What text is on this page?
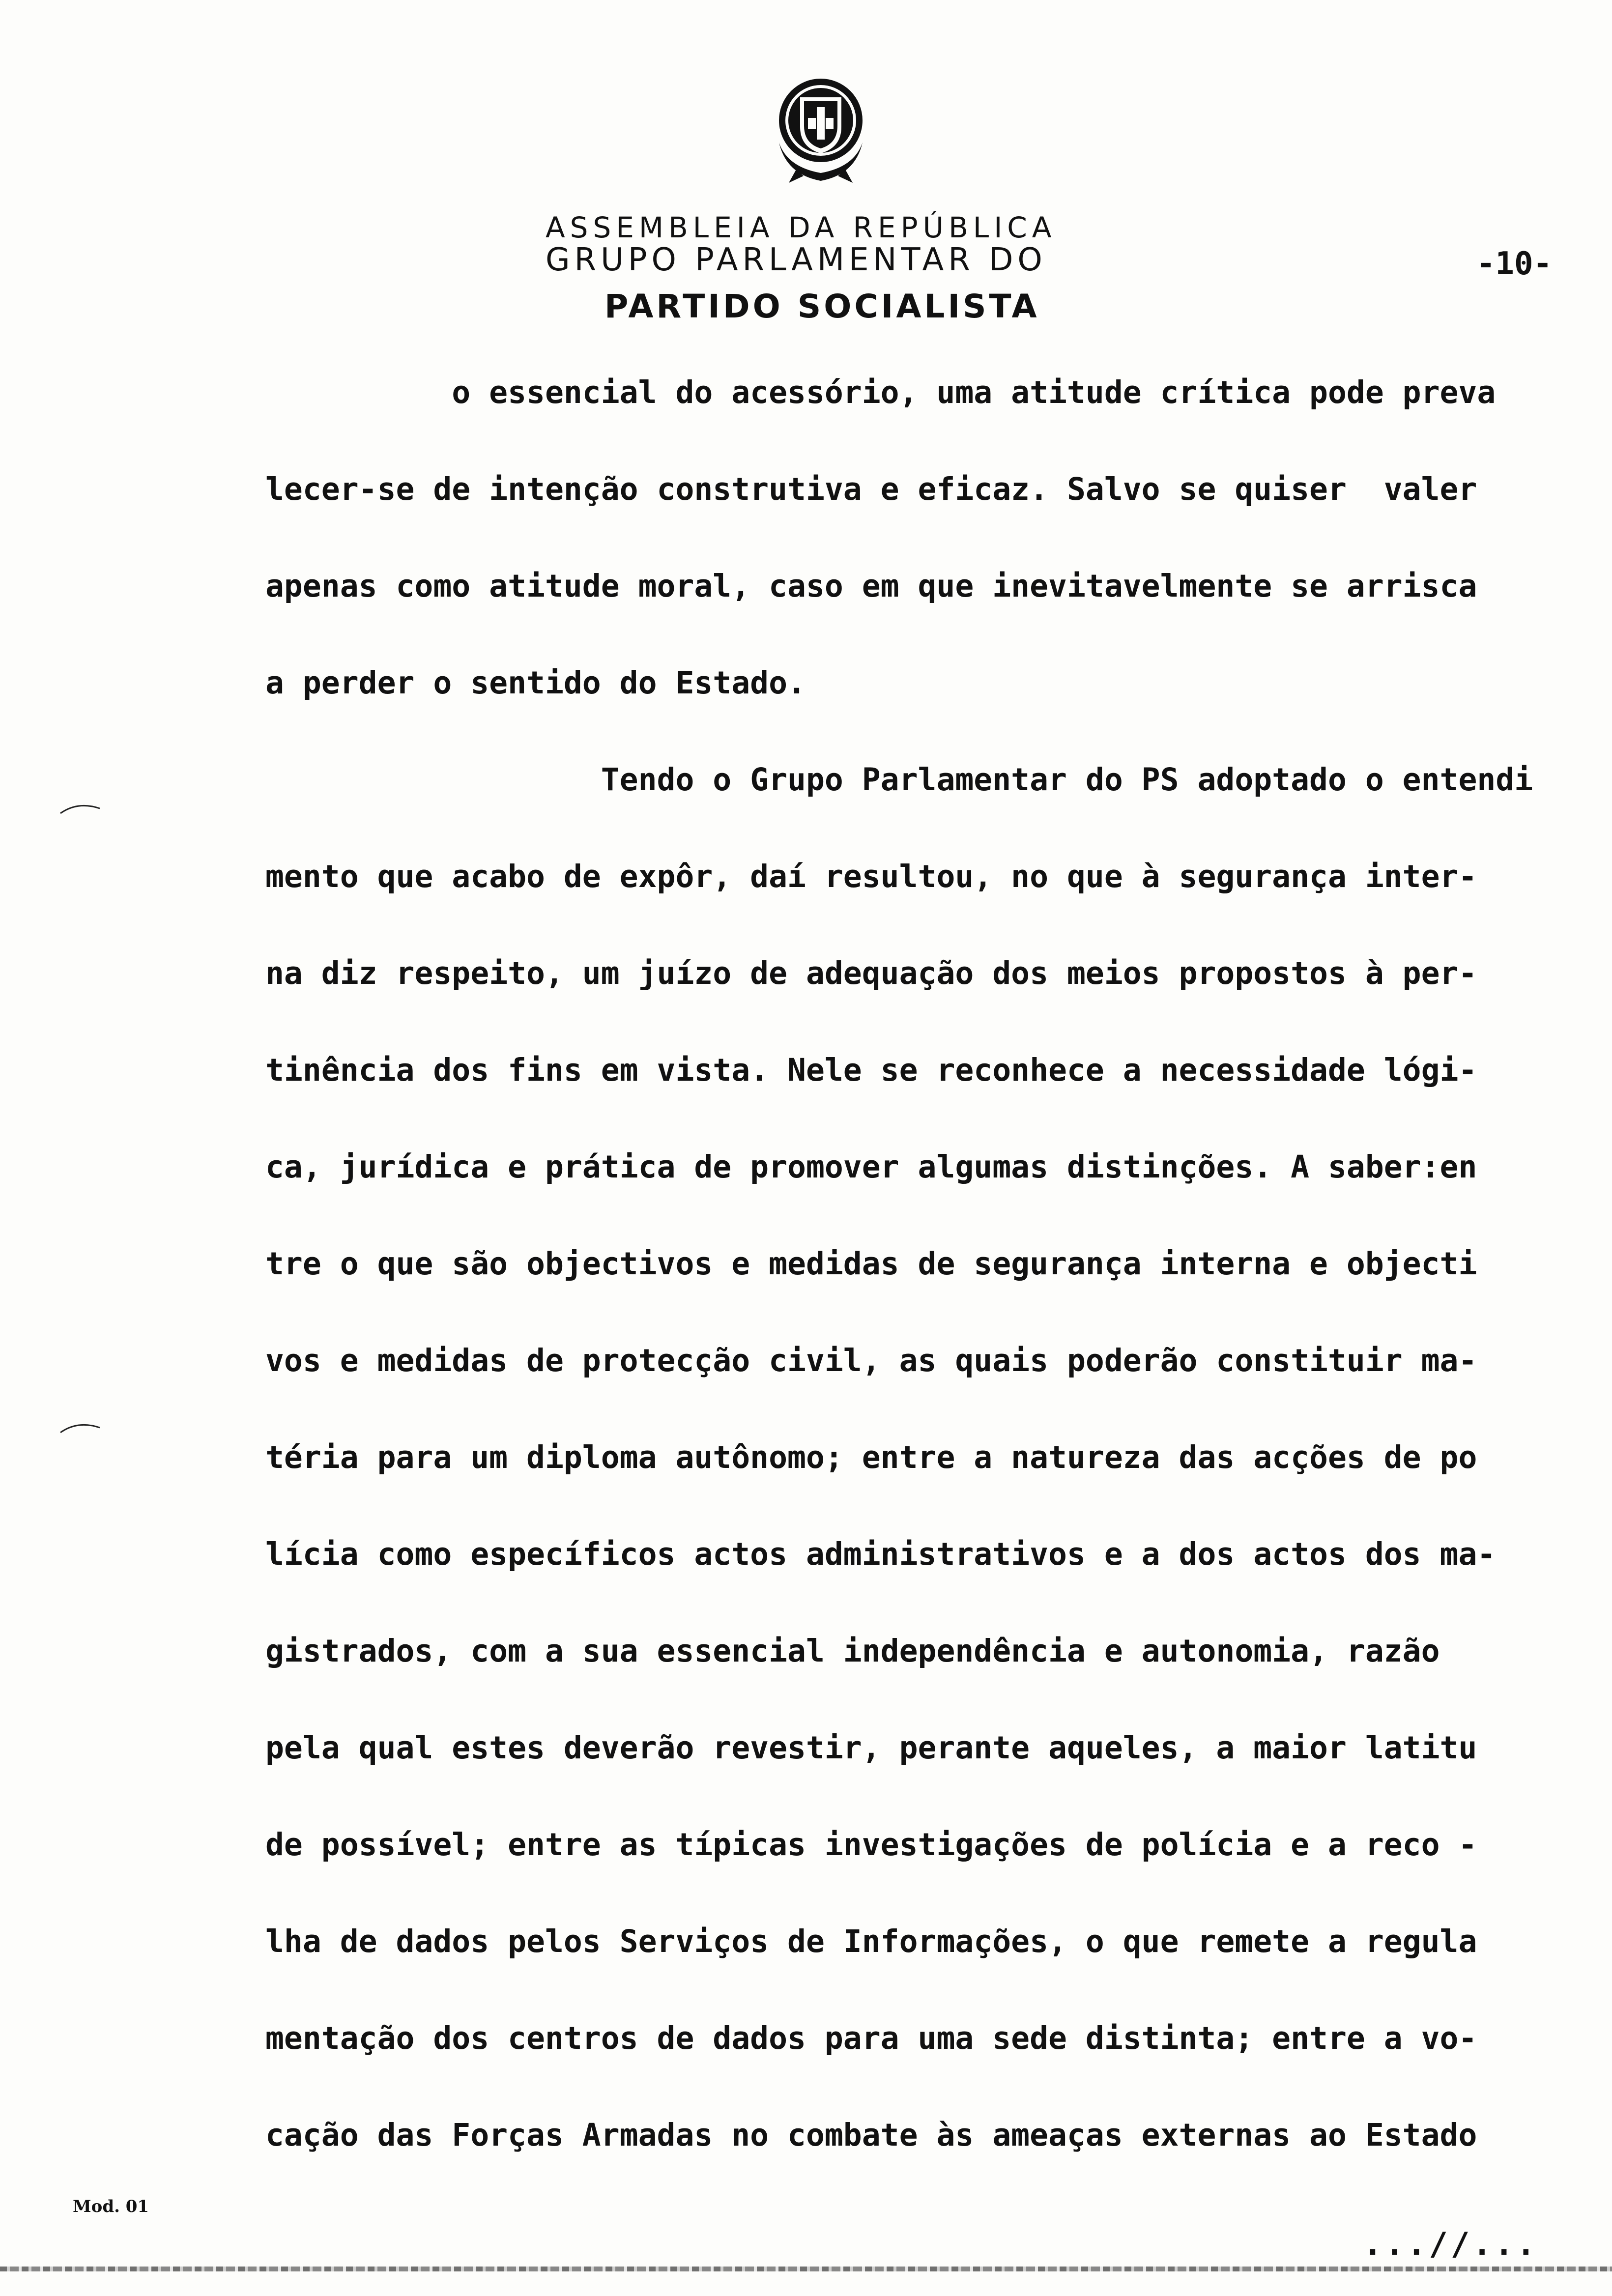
ASSEMBLEIA DA REPÚBLICA
GRUPO PARLAMENTAR DO
PARTIDO SOCIALISTA
-10-
o essencial do acessório, uma atitude crítica pode preva
lecer-se de intenção construtiva e eficaz. Salvo se quiser  valer
apenas como atitude moral, caso em que inevitavelmente se arrisca
a perder o sentido do Estado.
Tendo o Grupo Parlamentar do PS adoptado o entendi
mento que acabo de expôr, daí resultou, no que à segurança inter-
na diz respeito, um juízo de adequação dos meios propostos à per-
tinência dos fins em vista. Nele se reconhece a necessidade lógi-
ca, jurídica e prática de promover algumas distinções. A saber:en
tre o que são objectivos e medidas de segurança interna e objecti
vos e medidas de protecção civil, as quais poderão constituir ma-
téria para um diploma autônomo; entre a natureza das acções de po
lícia como específicos actos administrativos e a dos actos dos ma-
gistrados, com a sua essencial independência e autonomia, razão
pela qual estes deverão revestir, perante aqueles, a maior latitu
de possível; entre as típicas investigações de polícia e a reco -
lha de dados pelos Serviços de Informações, o que remete a regula
mentação dos centros de dados para uma sede distinta; entre a vo-
cação das Forças Armadas no combate às ameaças externas ao Estado
Mod. 01
...//...
